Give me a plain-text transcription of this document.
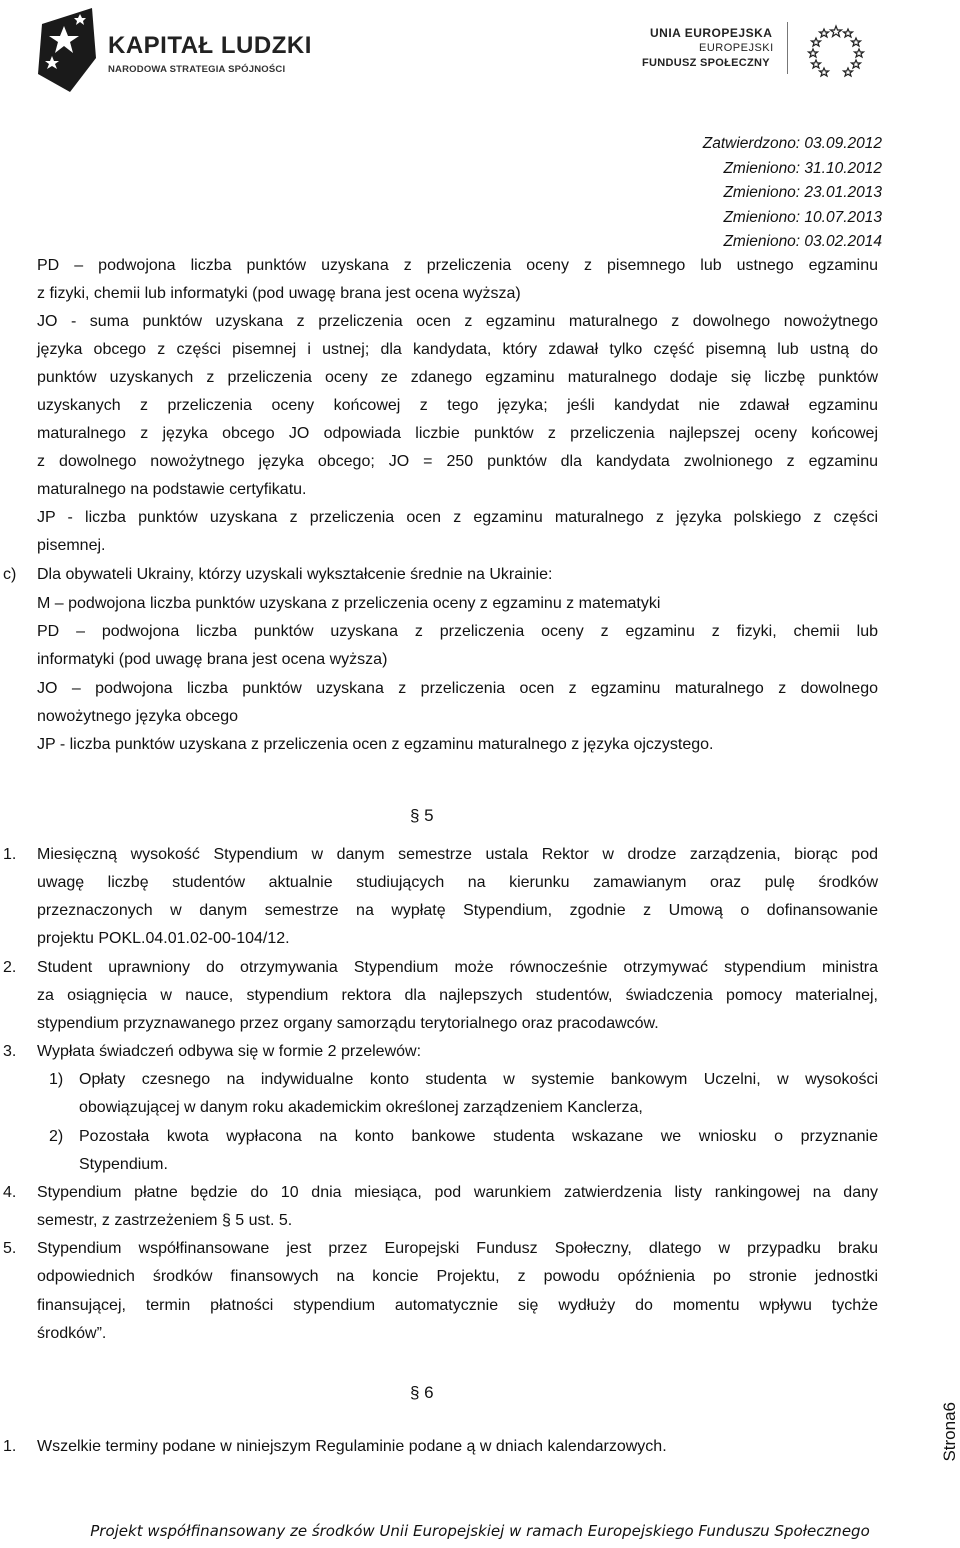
KAPITAŁ LUDZKI
NARODOWA STRATEGIA SPÓJNOŚCI
UNIA EUROPEJSKA
EUROPEJSKI
FUNDUSZ SPOŁECZNY
Zatwierdzono: 03.09.2012
Zmieniono: 31.10.2012
Zmieniono: 23.01.2013
Zmieniono: 10.07.2013
Zmieniono: 03.02.2014
PD – podwojona liczba punktów uzyskana z przeliczenia oceny z pisemnego lub ustnego egzaminu
z fizyki, chemii lub informatyki (pod uwagę brana jest ocena wyższa)
JO - suma punktów uzyskana z przeliczenia ocen z egzaminu maturalnego z dowolnego nowożytnego
języka obcego z części pisemnej i ustnej; dla kandydata, który zdawał tylko część pisemną lub ustną do
punktów uzyskanych z przeliczenia oceny ze zdanego egzaminu maturalnego dodaje się liczbę punktów
uzyskanych z przeliczenia oceny końcowej z tego języka; jeśli kandydat nie zdawał egzaminu
maturalnego z języka obcego JO odpowiada liczbie punktów z przeliczenia najlepszej oceny końcowej
z dowolnego nowożytnego języka obcego; JO = 250 punktów dla kandydata zwolnionego z egzaminu
maturalnego na podstawie certyfikatu.
JP - liczba punktów uzyskana z przeliczenia ocen z egzaminu maturalnego z języka polskiego z części
pisemnej.
c) Dla obywateli Ukrainy, którzy uzyskali wykształcenie średnie na Ukrainie:
M – podwojona liczba punktów uzyskana z przeliczenia oceny z egzaminu z matematyki
PD – podwojona liczba punktów uzyskana z przeliczenia oceny z egzaminu z fizyki, chemii lub
informatyki (pod uwagę brana jest ocena wyższa)
JO – podwojona liczba punktów uzyskana z przeliczenia ocen z egzaminu maturalnego z dowolnego
nowożytnego języka obcego
JP - liczba punktów uzyskana z przeliczenia ocen z egzaminu maturalnego z języka ojczystego.
§ 5
1. Miesięczną wysokość Stypendium w danym semestrze ustala Rektor w drodze zarządzenia, biorąc pod
uwagę liczbę studentów aktualnie studiujących na kierunku zamawianym oraz pulę środków
przeznaczonych w danym semestrze na wypłatę Stypendium, zgodnie z Umową o dofinansowanie
projektu POKL.04.01.02-00-104/12.
2. Student uprawniony do otrzymywania Stypendium może równocześnie otrzymywać stypendium ministra
za osiągnięcia w nauce, stypendium rektora dla najlepszych studentów, świadczenia pomocy materialnej,
stypendium przyznawanego przez organy samorządu terytorialnego oraz pracodawców.
3. Wypłata świadczeń odbywa się w formie 2 przelewów:
1) Opłaty czesnego na indywidualne konto studenta w systemie bankowym Uczelni, w wysokości
obowiązującej w danym roku akademickim określonej zarządzeniem Kanclerza,
2) Pozostała kwota wypłacona na konto bankowe studenta wskazane we wniosku o przyznanie
Stypendium.
4. Stypendium płatne będzie do 10 dnia miesiąca, pod warunkiem zatwierdzenia listy rankingowej na dany
semestr, z zastrzeżeniem § 5 ust. 5.
5. Stypendium współfinansowane jest przez Europejski Fundusz Społeczny, dlatego w przypadku braku
odpowiednich środków finansowych na koncie Projektu, z powodu opóźnienia po stronie jednostki
finansującej, termin płatności stypendium automatycznie się wydłuży do momentu wpływu tychże
środków”.
§ 6
1. Wszelkie terminy podane w niniejszym Regulaminie podane ą w dniach kalendarzowych.	Strona6
Projekt współfinansowany ze środków Unii Europejskiej w ramach Europejskiego Funduszu Społecznego
